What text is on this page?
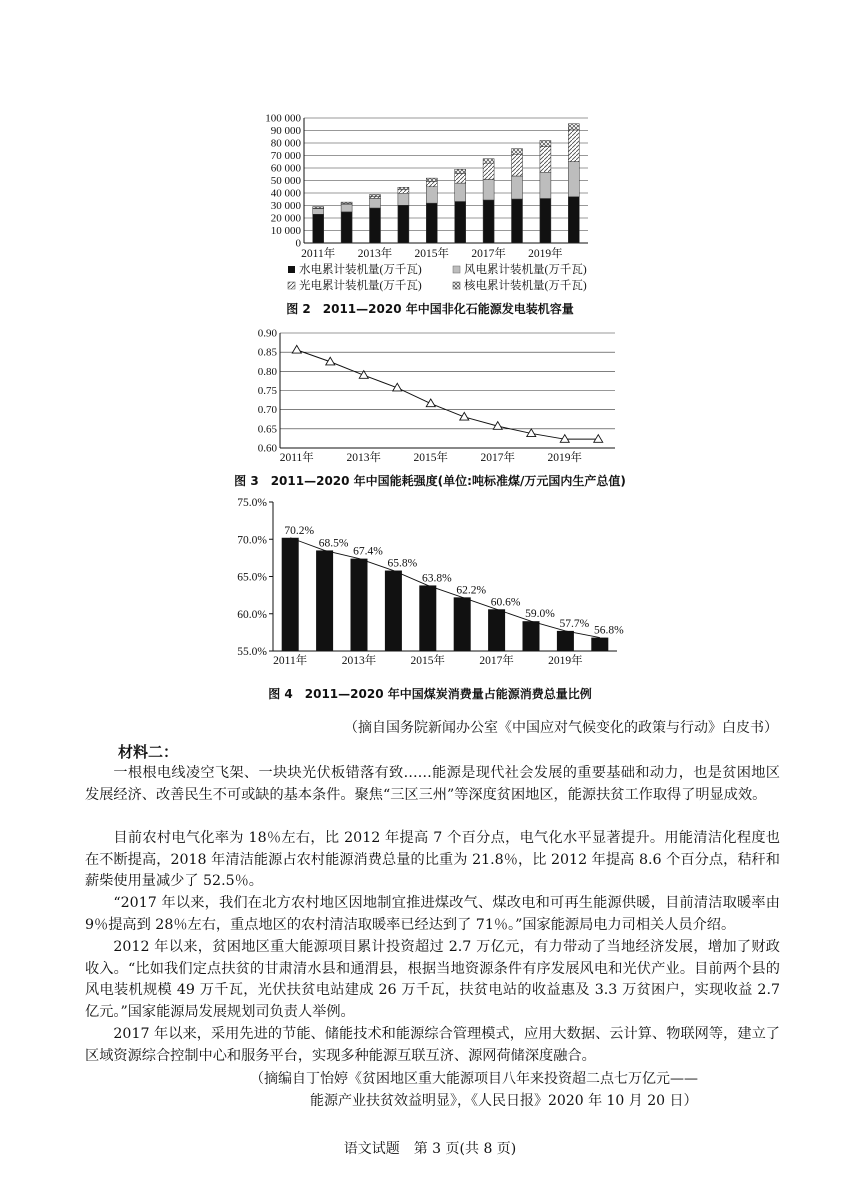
0
10 000
20 000
30 000
40 000
50 000
60 000
70 000
80 000
90 000
100 000
2011年 2013年 2015年 2017年 2019年
水电累计装机量(万千瓦)	风电累计装机量(万千瓦)
光电累计装机量(万千瓦)	核电累计装机量(万千瓦)
图 2　2011—2020 年中国非化石能源发电装机容量
0.60
0.65
0.70
0.75
0.80
0.85
0.90
2011年	2013年	2015年	2017年	2019年
图 3　2011—2020 年中国能耗强度(单位:吨标准煤/万元国内生产总值)
55.0%
60.0%
65.0%
70.0%
75.0%
70.2%
68.5%
67.4%
65.8%
63.8%
62.2%
60.6%
59.0%
57.7%
56.8%
2011年	2013年	2015年	2017年	2019年
图 4　2011—2020 年中国煤炭消费量占能源消费总量比例
（摘自国务院新闻办公室《中国应对气候变化的政策与行动》白皮书）
材料二：
一根根电线凌空飞架、一块块光伏板错落有致……能源是现代社会发展的重要基础和动力，也是贫困地区发展经济、改善民生不可或缺的基本条件。聚焦“三区三州”等深度贫困地区，能源扶贫工作取得了明显成效。
目前农村电气化率为 18％左右，比 2012 年提高 7 个百分点，电气化水平显著提升。用能清洁化程度也在不断提高，2018 年清洁能源占农村能源消费总量的比重为 21.8％，比 2012 年提高 8.6 个百分点，秸秆和薪柴使用量减少了 52.5％。
“2017 年以来，我们在北方农村地区因地制宜推进煤改气、煤改电和可再生能源供暖，目前清洁取暖率由 9％提高到 28％左右，重点地区的农村清洁取暖率已经达到了 71％。”国家能源局电力司相关人员介绍。
2012 年以来，贫困地区重大能源项目累计投资超过 2.7 万亿元，有力带动了当地经济发展，增加了财政收入。“比如我们定点扶贫的甘肃清水县和通渭县，根据当地资源条件有序发展风电和光伏产业。目前两个县的风电装机规模 49 万千瓦，光伏扶贫电站建成 26 万千瓦，扶贫电站的收益惠及 3.3 万贫困户，实现收益 2.7 亿元。”国家能源局发展规划司负责人举例。
2017 年以来，采用先进的节能、储能技术和能源综合管理模式，应用大数据、云计算、物联网等，建立了区域资源综合控制中心和服务平台，实现多种能源互联互济、源网荷储深度融合。
（摘编自丁怡婷《贫困地区重大能源项目八年来投资超二点七万亿元——
能源产业扶贫效益明显》，《人民日报》2020 年 10 月 20 日）
语文试题　第 3 页(共 8 页)
